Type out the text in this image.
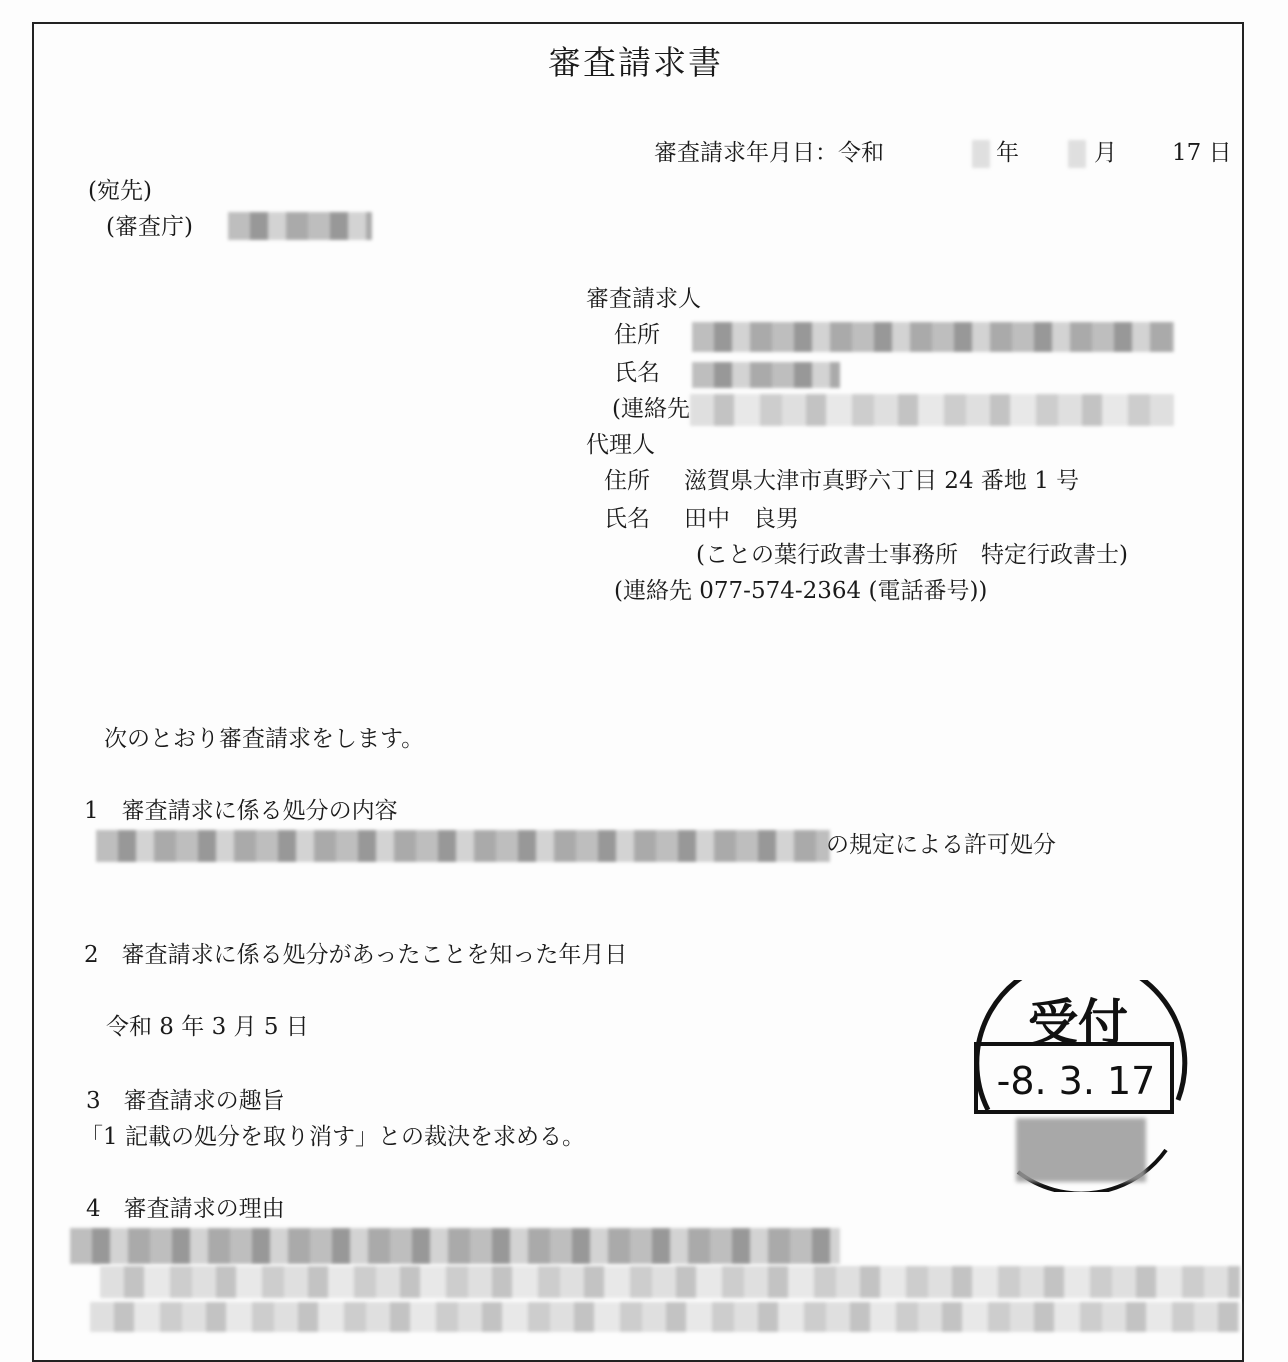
審査請求書
審査請求年月日：令和	年	月 17 日
(宛先)
(審査庁)
審査請求人
住所
氏名
(連絡先
代理人
住所 滋賀県大津市真野六丁目 24 番地 1 号
氏名 田中　良男
(ことの葉行政書士事務所　特定行政書士)
(連絡先 077-574-2364 (電話番号))
次のとおり審査請求をします。
1　審査請求に係る処分の内容
の規定による許可処分
2　審査請求に係る処分があったことを知った年月日
令和 8 年 3 月 5 日
3　審査請求の趣旨
「1 記載の処分を取り消す」との裁決を求める。
4　審査請求の理由
受付
-8. 3. 17
